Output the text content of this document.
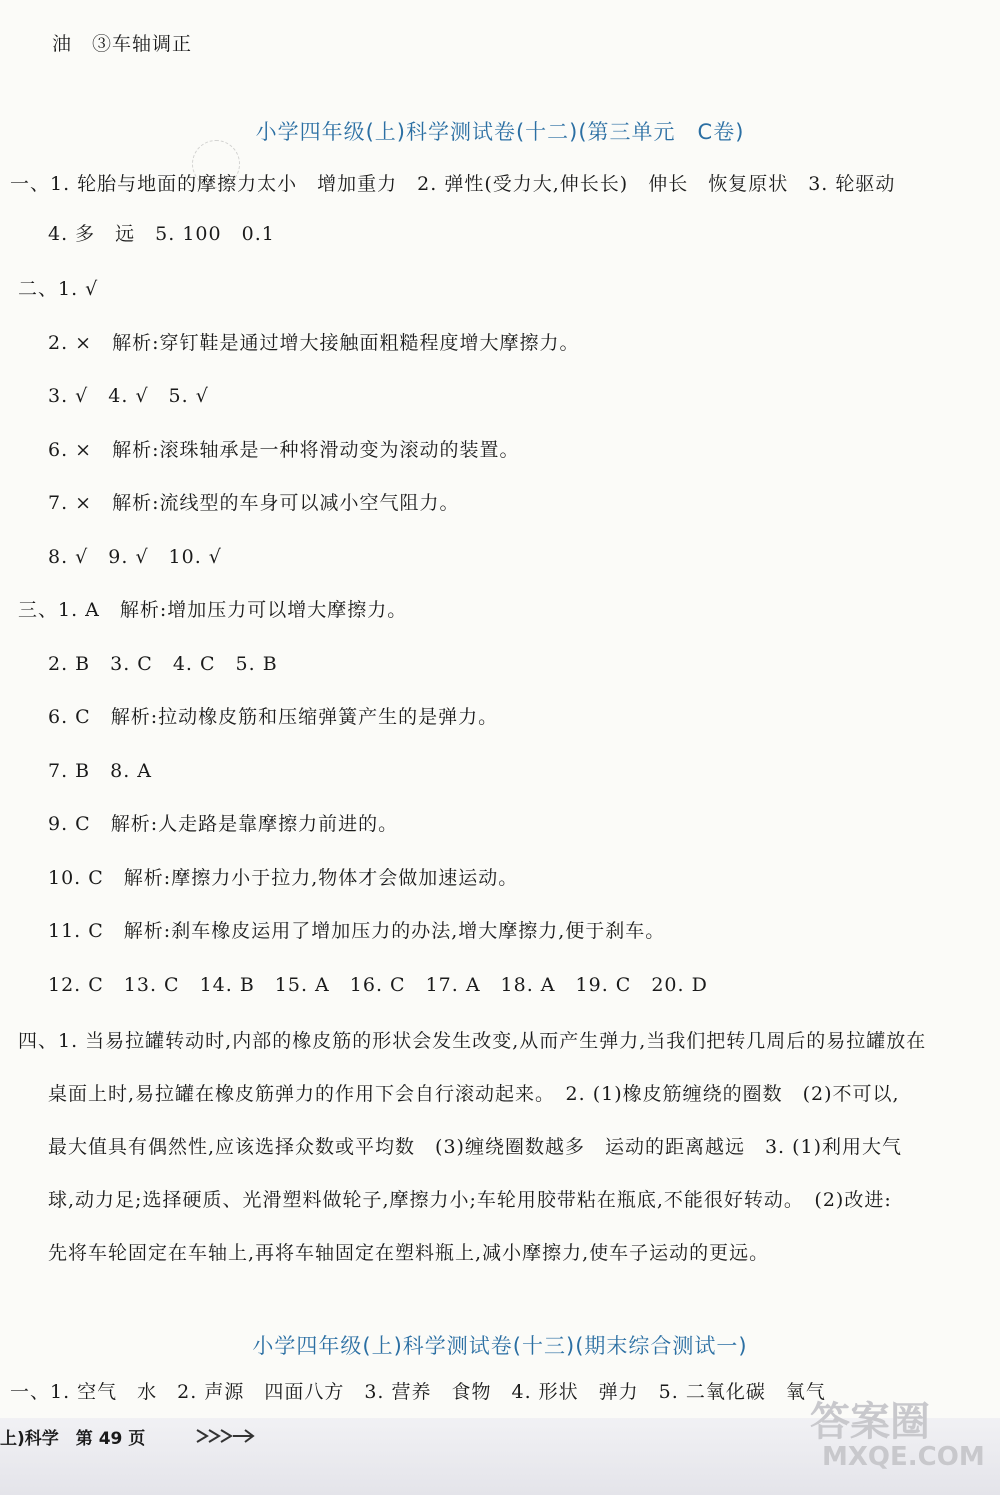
油　③车轴调正
小学四年级(上)科学测试卷(十二)(第三单元　C卷)
一、1. 轮胎与地面的摩擦力太小　增加重力　2. 弹性(受力大,伸长长)　伸长　恢复原状　3. 轮驱动
4. 多　远　5. 100　0.1
二、1. √
2. ×　解析:穿钉鞋是通过增大接触面粗糙程度增大摩擦力。
3. √　4. √　5. √
6. ×　解析:滚珠轴承是一种将滑动变为滚动的装置。
7. ×　解析:流线型的车身可以减小空气阻力。
8. √　9. √　10. √
三、1. A　解析:增加压力可以增大摩擦力。
2. B　3. C　4. C　5. B
6. C　解析:拉动橡皮筋和压缩弹簧产生的是弹力。
7. B　8. A
9. C　解析:人走路是靠摩擦力前进的。
10. C　解析:摩擦力小于拉力,物体才会做加速运动。
11. C　解析:刹车橡皮运用了增加压力的办法,增大摩擦力,便于刹车。
12. C　13. C　14. B　15. A　16. C　17. A　18. A　19. C　20. D
四、1. 当易拉罐转动时,内部的橡皮筋的形状会发生改变,从而产生弹力,当我们把转几周后的易拉罐放在
桌面上时,易拉罐在橡皮筋弹力的作用下会自行滚动起来。　2. (1)橡皮筋缠绕的圈数　(2)不可以,
最大值具有偶然性,应该选择众数或平均数　(3)缠绕圈数越多　运动的距离越远　3. (1)利用大气
球,动力足;选择硬质、光滑塑料做轮子,摩擦力小;车轮用胶带粘在瓶底,不能很好转动。　(2)改进:
先将车轮固定在车轴上,再将车轴固定在塑料瓶上,减小摩擦力,使车子运动的更远。
小学四年级(上)科学测试卷(十三)(期末综合测试一)
一、1. 空气　水　2. 声源　四面八方　3. 营养　食物　4. 形状　弹力　5. 二氧化碳　氧气
上)科学　第 49 页	答案圈
MXQE.COM
